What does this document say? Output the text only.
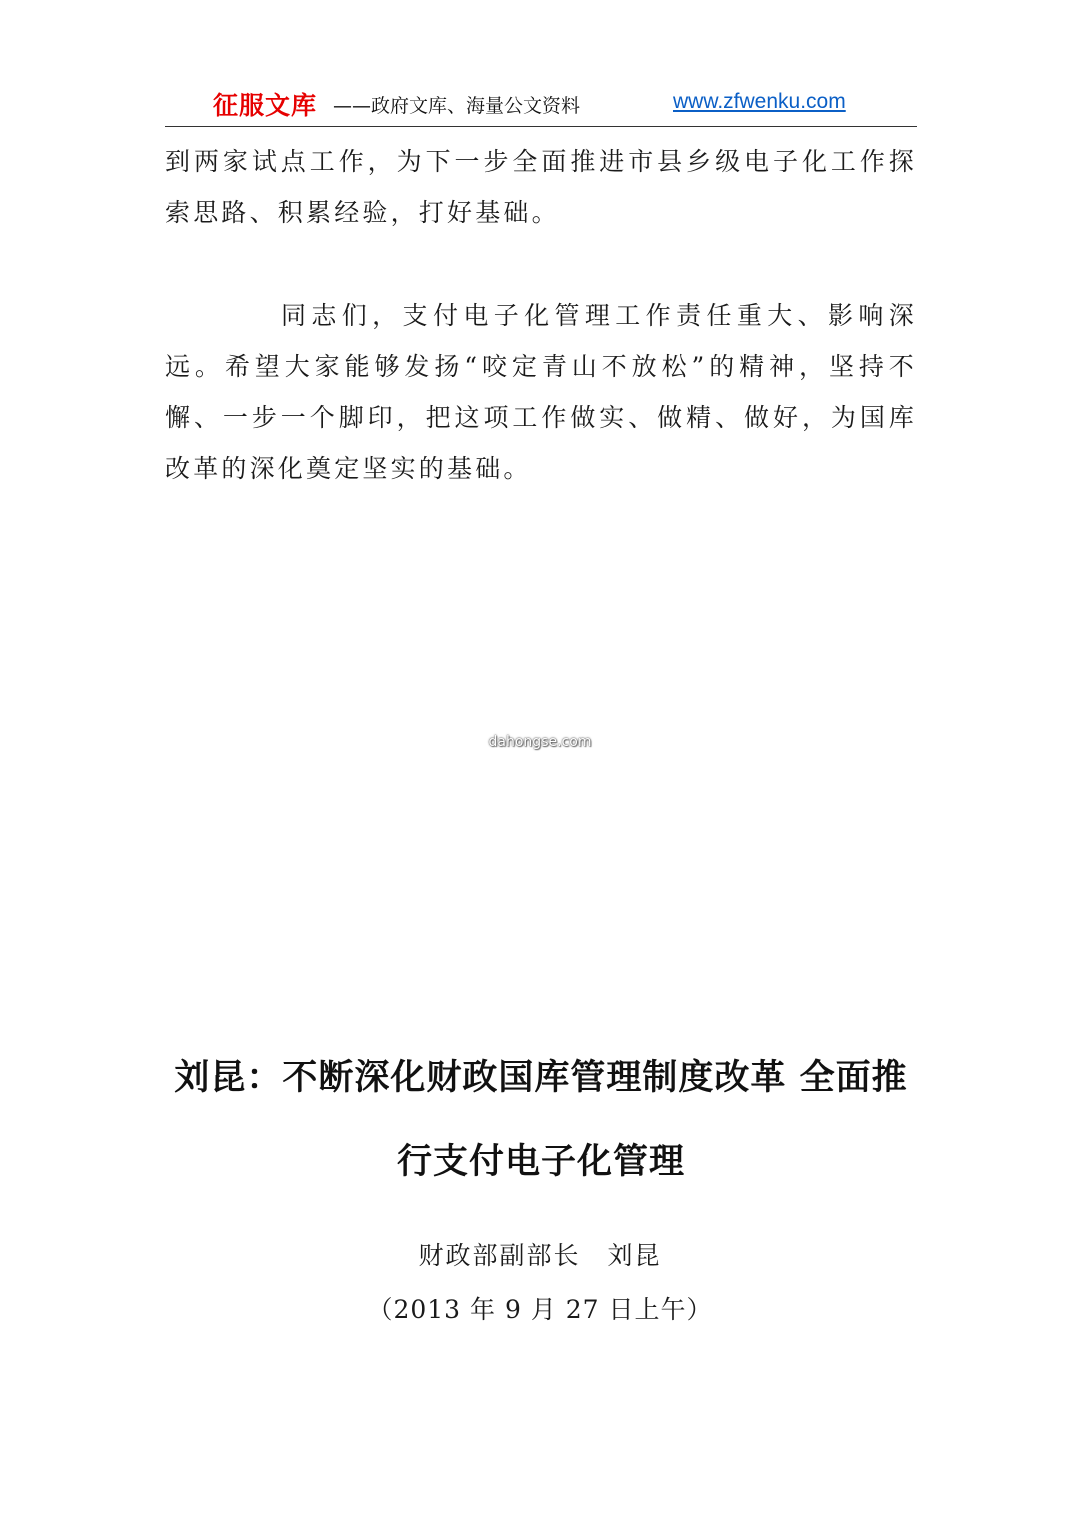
征服文库 ——政府文库、海量公文资料	www.zfwenku.com

到两家试点工作，为下一步全面推进市县乡级电子化工作探索思路、积累经验，打好基础。

同志们，支付电子化管理工作责任重大、影响深远。希望大家能够发扬“咬定青山不放松”的精神，坚持不懈、一步一个脚印，把这项工作做实、做精、做好，为国库改革的深化奠定坚实的基础。

dahongse.com
刘昆：不断深化财政国库管理制度改革 全面推行支付电子化管理
财政部副部长　刘昆
（2013 年 9 月 27 日上午）
